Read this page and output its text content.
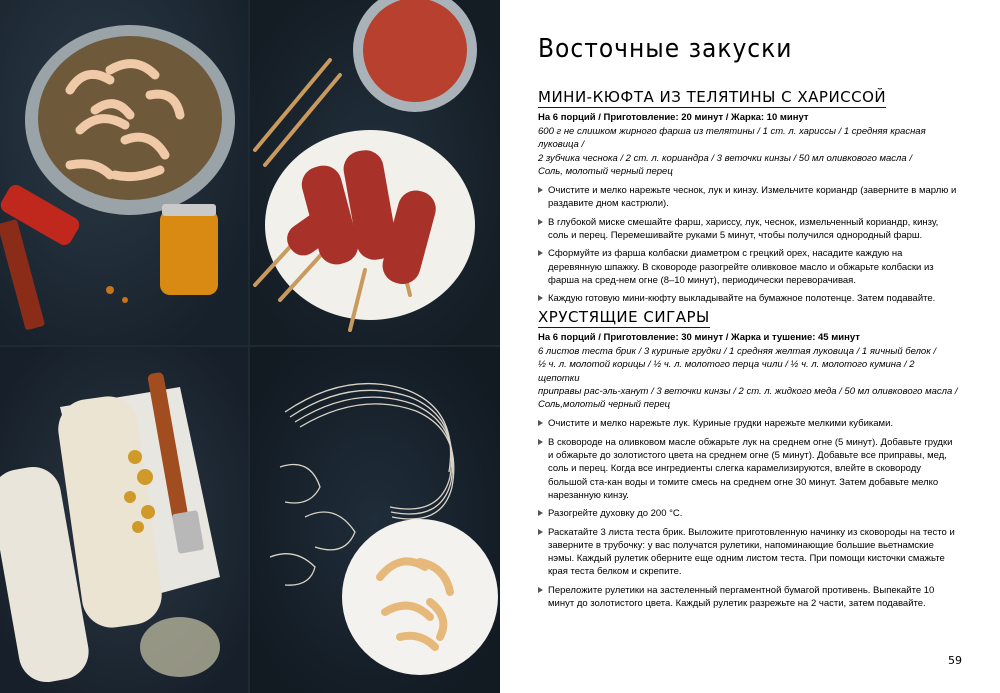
Восточные закуски
МИНИ-КЮФТА ИЗ ТЕЛЯТИНЫ С ХАРИССОЙ
На 6 порций / Приготовление: 20 минут / Жарка: 10 минут
600 г не слишком жирного фарша из телятины / 1 ст. л. хариссы / 1 средняя красная луковица /
2 зубчика чеснока / 2 ст. л. кориандра / 3 веточки кинзы / 50 мл оливкового масла /
Соль, молотый черный перец
Очистите и мелко нарежьте чеснок, лук и кинзу. Измельчите кориандр (заверните в марлю и раздавите дном кастрюли).
В глубокой миске смешайте фарш, хариссу, лук, чеснок, измельченный кориандр, кинзу, соль и перец. Перемешивайте руками 5 минут, чтобы получился однородный фарш.
Сформуйте из фарша колбаски диаметром с грецкий орех, насадите каждую на деревянную шпажку. В сковороде разогрейте оливковое масло и обжарьте колбаски из фарша на сред-нем огне (8–10 минут), периодически переворачивая.
Каждую готовую мини-кюфту выкладывайте на бумажное полотенце. Затем подавайте.
ХРУСТЯЩИЕ СИГАРЫ
На 6 порций / Приготовление: 30 минут / Жарка и тушение: 45 минут
6 листов теста брик / 3 куриные грудки / 1 средняя желтая луковица / 1 яичный белок /
½ ч. л. молотой корицы / ½ ч. л. молотого перца чили / ½ ч. л. молотого кумина / 2 щепотки
приправы рас-эль-ханут / 3 веточки кинзы / 2 ст. л. жидкого меда / 50 мл оливкового масла /
Соль,молотый черный перец
Очистите и мелко нарежьте лук. Куриные грудки нарежьте мелкими кубиками.
В сковороде на оливковом масле обжарьте лук на среднем огне (5 минут). Добавьте грудки и обжарьте до золотистого цвета на среднем огне (5 минут). Добавьте все приправы, мед, соль и перец. Когда все ингредиенты слегка карамелизируются, влейте в сковороду большой ста-кан воды и томите смесь на среднем огне 30 минут. Затем добавьте мелко нарезанную кинзу.
Разогрейте духовку до 200 °C.
Раскатайте 3 листа теста брик. Выложите приготовленную начинку из сковороды на тесто и заверните в трубочку: у вас получатся рулетики, напоминающие большие вьетнамские нэмы. Каждый рулетик оберните еще одним листом теста. При помощи кисточки смажьте края теста белком и скрепите.
Переложите рулетики на застеленный пергаментной бумагой противень. Выпекайте 10 минут до золотистого цвета. Каждый рулетик разрежьте на 2 части, затем подавайте.
59
